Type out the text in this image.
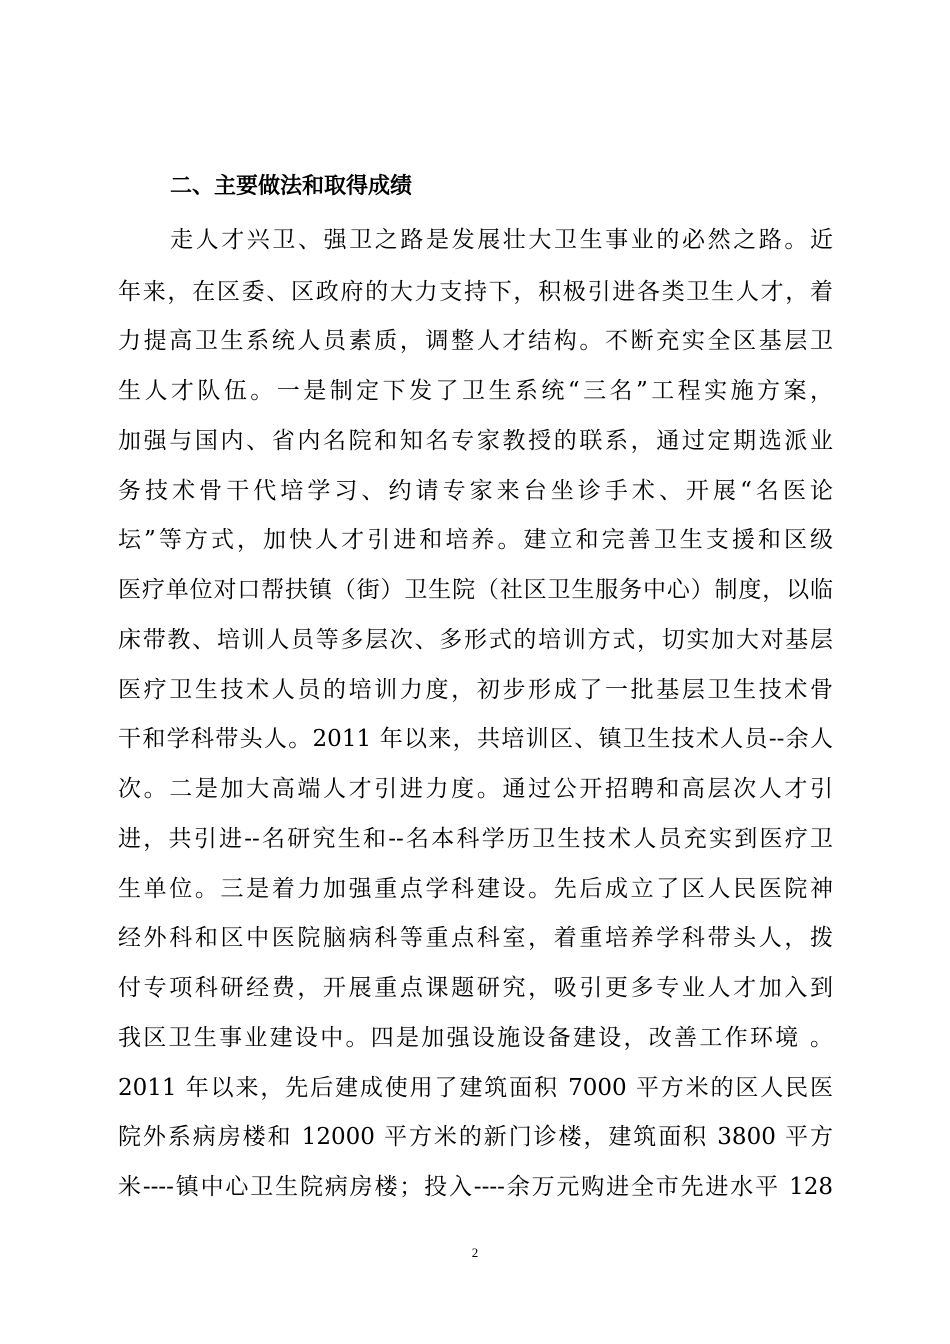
二、主要做法和取得成绩
走人才兴卫、强卫之路是发展壮大卫生事业的必然之路。近
年来，在区委、区政府的大力支持下，积极引进各类卫生人才，着
力提高卫生系统人员素质，调整人才结构。不断充实全区基层卫
生人才队伍。一是制定下发了卫生系统“三名”工程实施方案，
加强与国内、省内名院和知名专家教授的联系，通过定期选派业
务技术骨干代培学习、约请专家来台坐诊手术、开展“名医论
坛”等方式，加快人才引进和培养。建立和完善卫生支援和区级
医疗单位对口帮扶镇（街）卫生院（社区卫生服务中心）制度，以临
床带教、培训人员等多层次、多形式的培训方式，切实加大对基层
医疗卫生技术人员的培训力度，初步形成了一批基层卫生技术骨
干和学科带头人。2011 年以来，共培训区、镇卫生技术人员--余人
次。二是加大高端人才引进力度。通过公开招聘和高层次人才引
进，共引进--名研究生和--名本科学历卫生技术人员充实到医疗卫
生单位。三是着力加强重点学科建设。先后成立了区人民医院神
经外科和区中医院脑病科等重点科室，着重培养学科带头人，拨
付专项科研经费，开展重点课题研究，吸引更多专业人才加入到
我区卫生事业建设中。四是加强设施设备建设，改善工作环境 。
2011 年以来，先后建成使用了建筑面积 7000 平方米的区人民医
院外系病房楼和 12000 平方米的新门诊楼，建筑面积 3800 平方
米----镇中心卫生院病房楼；投入----余万元购进全市先进水平 128
2
